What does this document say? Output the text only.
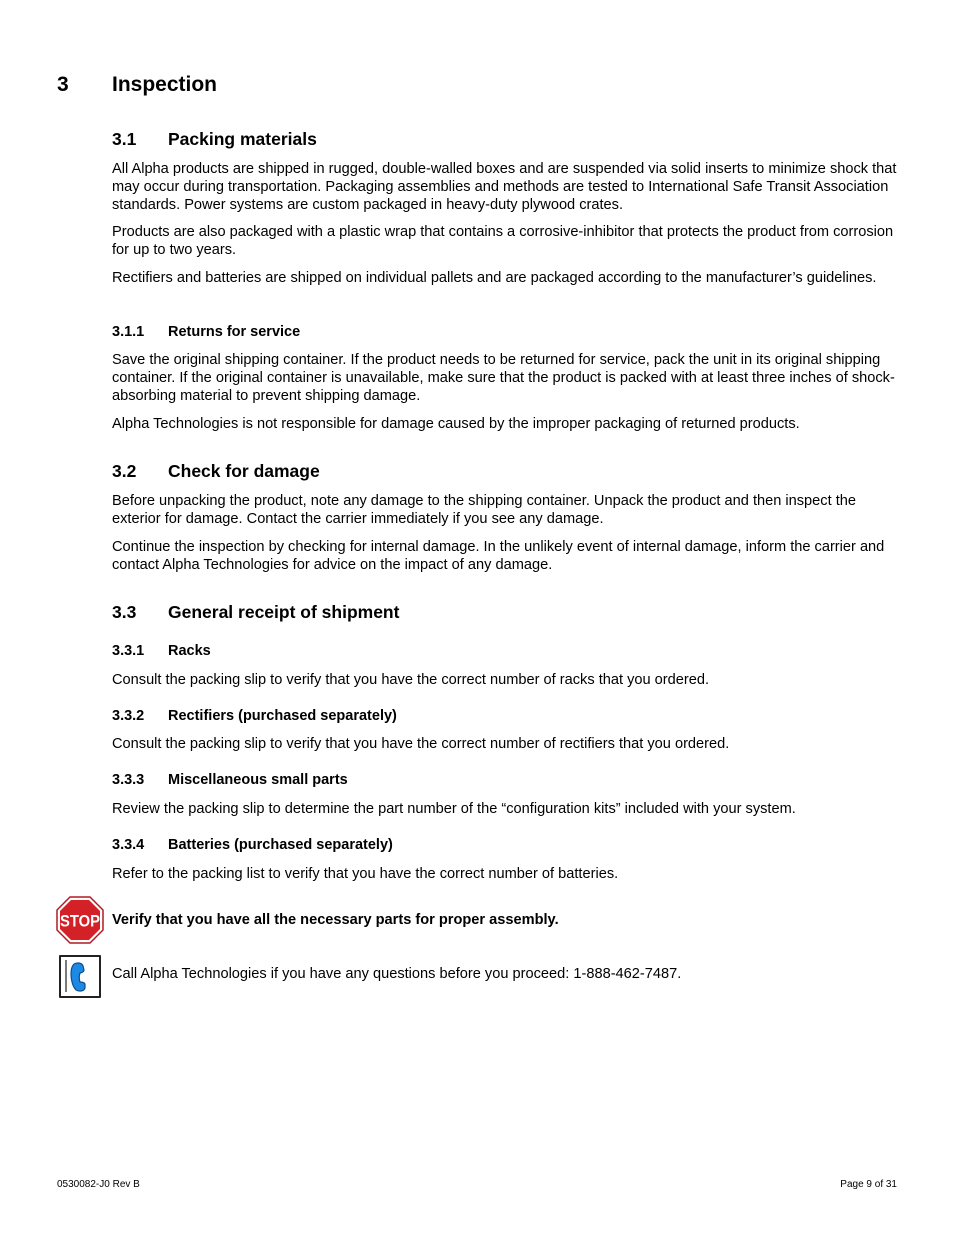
3 Inspection
3.1 Packing materials
All Alpha products are shipped in rugged, double-walled boxes and are suspended via solid inserts to minimize shock that may occur during transportation. Packaging assemblies and methods are tested to International Safe Transit Association standards. Power systems are custom packaged in heavy-duty plywood crates.
Products are also packaged with a plastic wrap that contains a corrosive-inhibitor that protects the product from corrosion for up to two years.
Rectifiers and batteries are shipped on individual pallets and are packaged according to the manufacturer’s guidelines.
3.1.1 Returns for service
Save the original shipping container. If the product needs to be returned for service, pack the unit in its original shipping container. If the original container is unavailable, make sure that the product is packed with at least three inches of shock-absorbing material to prevent shipping damage.
Alpha Technologies is not responsible for damage caused by the improper packaging of returned products.
3.2 Check for damage
Before unpacking the product, note any damage to the shipping container. Unpack the product and then inspect the exterior for damage. Contact the carrier immediately if you see any damage.
Continue the inspection by checking for internal damage. In the unlikely event of internal damage, inform the carrier and contact Alpha Technologies for advice on the impact of any damage.
3.3 General receipt of shipment
3.3.1 Racks
Consult the packing slip to verify that you have the correct number of racks that you ordered.
3.3.2 Rectifiers (purchased separately)
Consult the packing slip to verify that you have the correct number of rectifiers that you ordered.
3.3.3 Miscellaneous small parts
Review the packing slip to determine the part number of the “configuration kits” included with your system.
3.3.4 Batteries (purchased separately)
Refer to the packing list to verify that you have the correct number of batteries.
STOP Verify that you have all the necessary parts for proper assembly.
Call Alpha Technologies if you have any questions before you proceed: 1-888-462-7487.
0530082-J0 Rev B	Page 9 of 31
